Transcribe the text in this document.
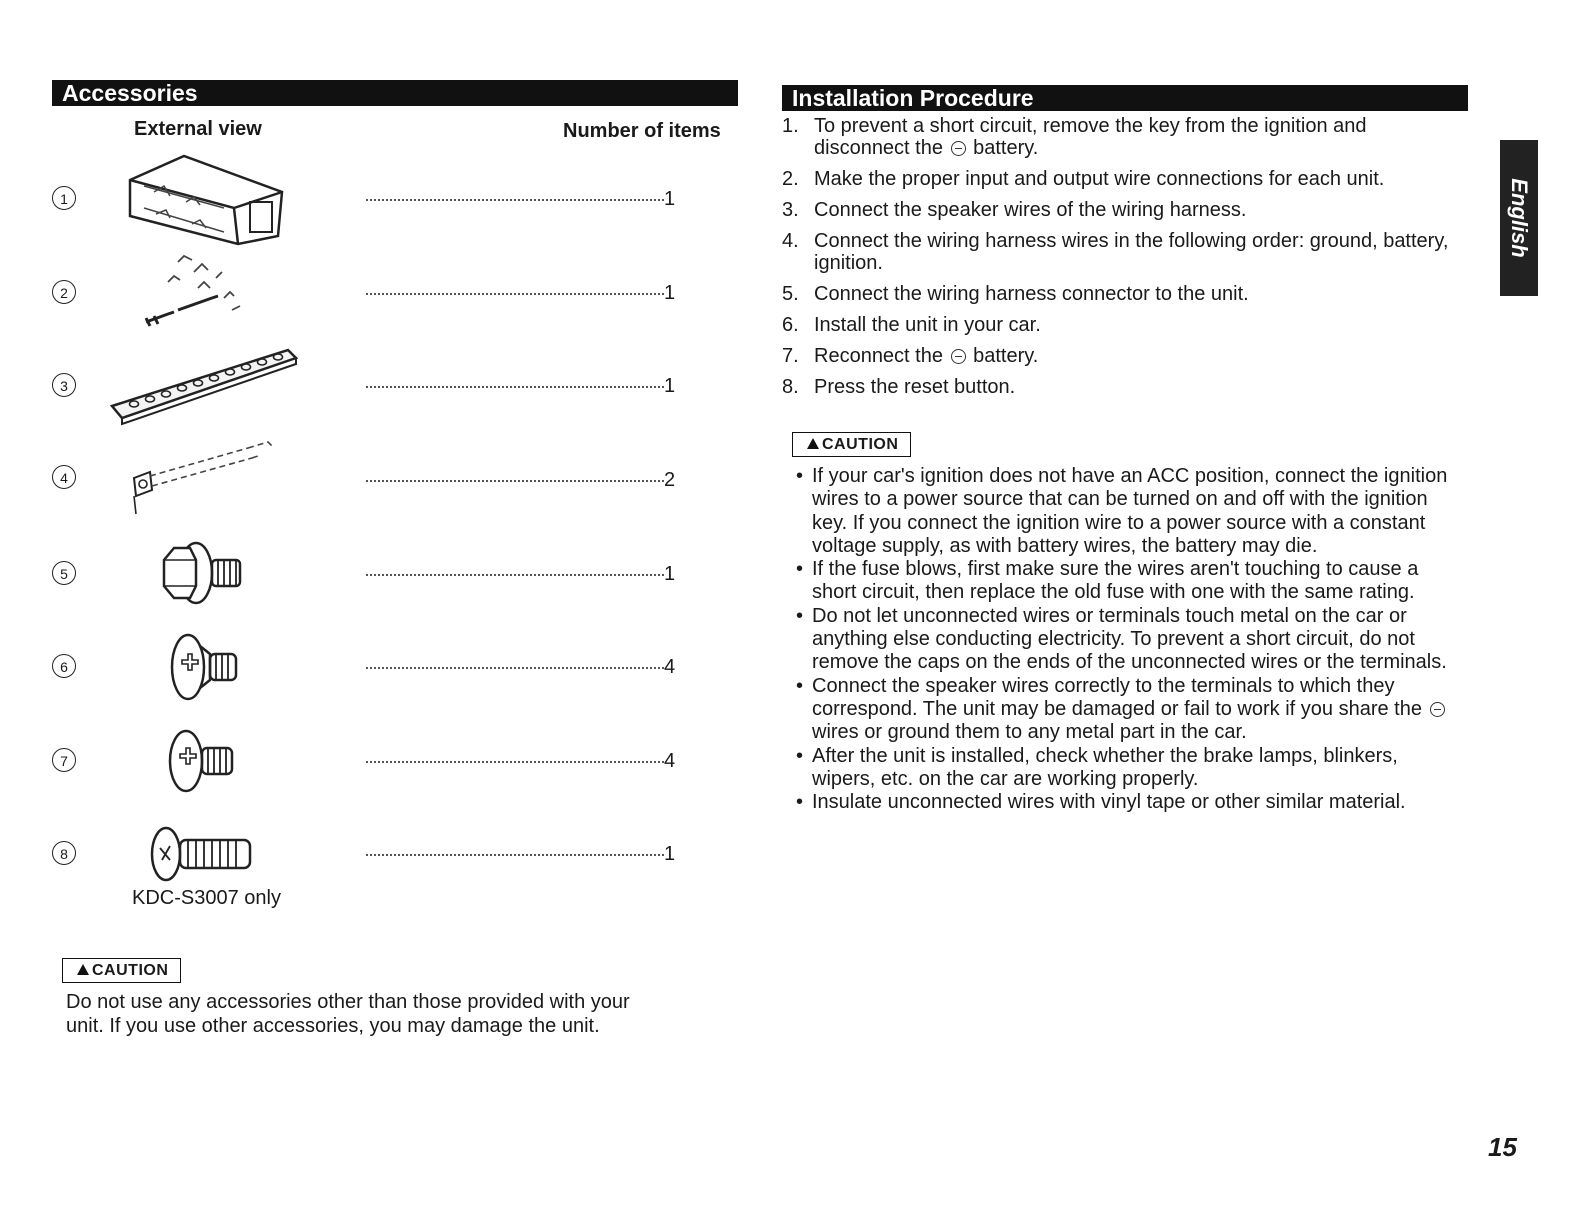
Accessories
External view	Number of items
1	1
2	1
3	1
4	2
5	1
6	4
7	4
8	1
KDC-S3007 only
CAUTION
Do not use any accessories other than those provided with your
unit. If you use other accessories, you may damage the unit.
Installation Procedure
1. To prevent a short circuit, remove the key from the ignition and disconnect the battery.
2. Make the proper input and output wire connections for each unit.
3. Connect the speaker wires of the wiring harness.
4. Connect the wiring harness wires in the following order: ground, battery, ignition.
5. Connect the wiring harness connector to the unit.
6. Install the unit in your car.
7. Reconnect the battery.
8. Press the reset button.
CAUTION
• If your car's ignition does not have an ACC position, connect the ignition wires to a power source that can be turned on and off with the ignition key. If you connect the ignition wire to a power source with a constant voltage supply, as with battery wires, the battery may die.
• If the fuse blows, first make sure the wires aren't touching to cause a short circuit, then replace the old fuse with one with the same rating.
• Do not let unconnected wires or terminals touch metal on the car or anything else conducting electricity. To prevent a short circuit, do not remove the caps on the ends of the unconnected wires or the terminals.
• Connect the speaker wires correctly to the terminals to which they correspond. The unit may be damaged or fail to work if you share the  wires or ground them to any metal part in the car.
• After the unit is installed, check whether the brake lamps, blinkers, wipers, etc. on the car are working properly.
• Insulate unconnected wires with vinyl tape or other similar material.
English
15
